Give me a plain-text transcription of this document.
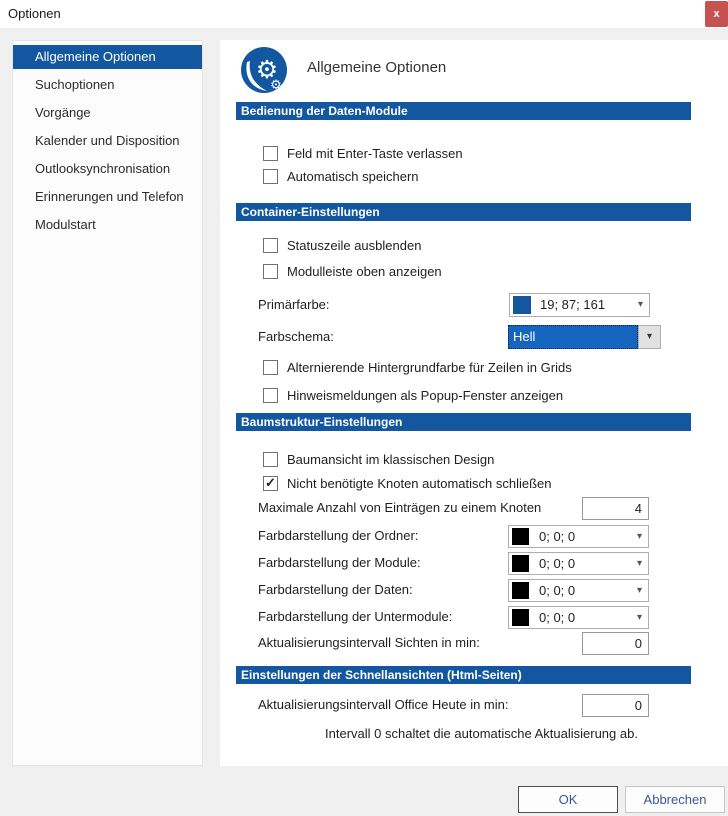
Optionen	x
Allgemeine Optionen
Suchoptionen
Vorgänge
Kalender und Disposition
Outlooksynchronisation
Erinnerungen und Telefon
Modulstart
⚙
⚙
Allgemeine Optionen
Bedienung der Daten-Module
Feld mit Enter-Taste verlassen
Automatisch speichern
Container-Einstellungen
Statuszeile ausblenden
Modulleiste oben anzeigen
Primärfarbe:	19; 87; 161
▾
Farbschema:	Hell
▾
Alternierende Hintergrundfarbe für Zeilen in Grids
Hinweismeldungen als Popup-Fenster anzeigen
Baumstruktur-Einstellungen
Baumansicht im klassischen Design
✓
Nicht benötigte Knoten automatisch schließen
Maximale Anzahl von Einträgen zu einem Knoten
4
Farbdarstellung der Ordner:	0; 0; 0
▾
Farbdarstellung der Module:	0; 0; 0
▾
Farbdarstellung der Daten:	0; 0; 0
▾
Farbdarstellung der Untermodule:	0; 0; 0
▾
Aktualisierungsintervall Sichten in min:
0
Einstellungen der Schnellansichten (Html-Seiten)
Aktualisierungsintervall Office Heute in min:
0
Intervall 0 schaltet die automatische Aktualisierung ab.
OK	Abbrechen
